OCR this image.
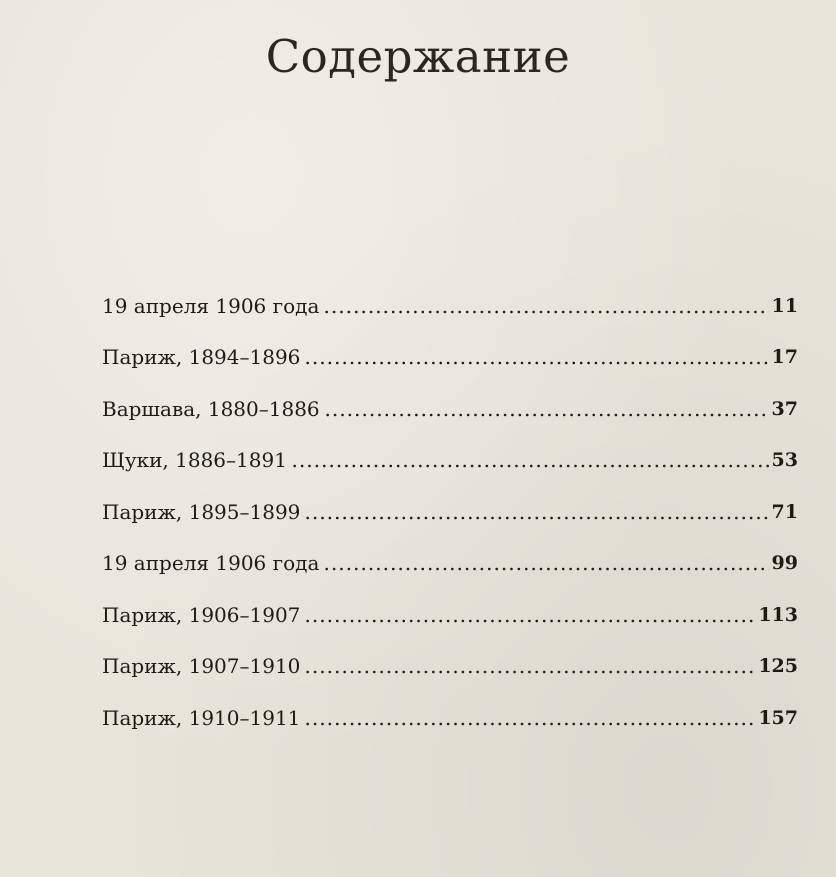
Содержание
19 апреля 1906 года	11
Париж, 1894–1896	17
Варшава, 1880–1886	37
Щуки, 1886–1891	53
Париж, 1895–1899	71
19 апреля 1906 года	99
Париж, 1906–1907	113
Париж, 1907–1910	125
Париж, 1910–1911	157
